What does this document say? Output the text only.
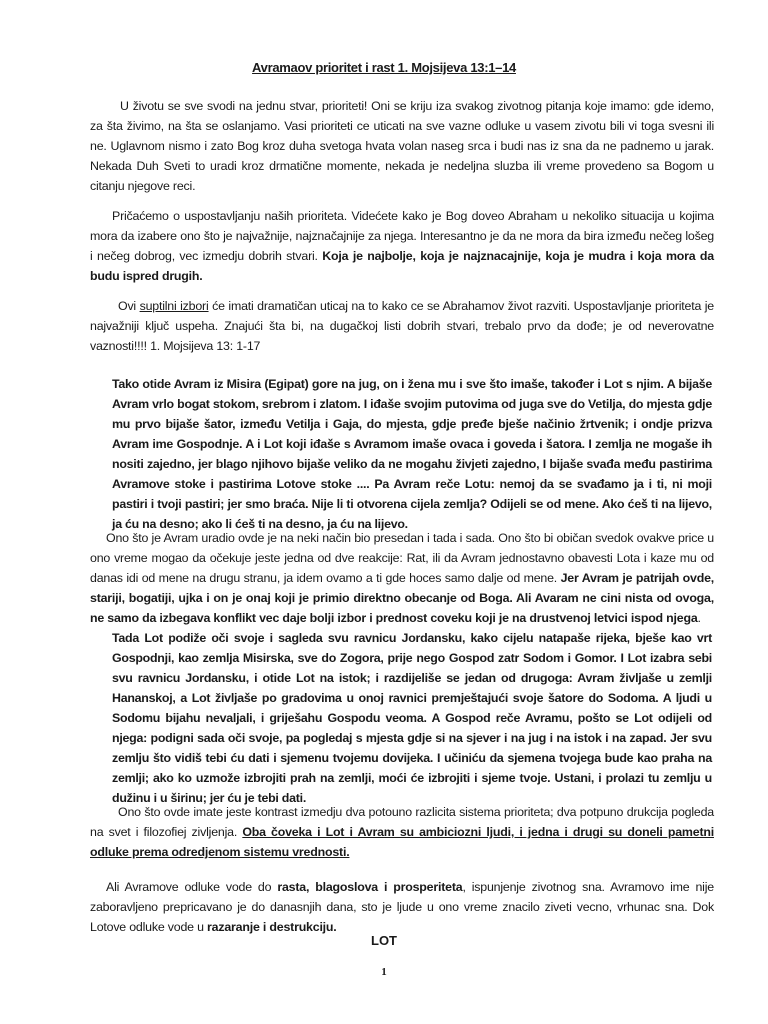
Avramaov prioritet i rast 1. Mojsijeva 13:1–14

U životu se sve svodi na jednu stvar, prioriteti! Oni se kriju iza svakog zivotnog pitanja koje imamo: gde idemo, za šta živimo, na šta se oslanjamo. Vasi prioriteti ce uticati na sve vazne odluke u vasem zivotu bili vi toga svesni ili ne. Uglavnom nismo i zato Bog kroz duha svetoga hvata volan naseg srca i budi nas iz sna da ne padnemo u jarak. Nekada Duh Sveti to uradi kroz drmatične momente, nekada je nedeljna sluzba ili vreme provedeno sa Bogom u citanju njegove reci.

Pričaćemo o uspostavljanju naših prioriteta. Videćete kako je Bog doveo Abraham u nekoliko situacija u kojima mora da izabere ono što je najvažnije, najznačajnije za njega. Interesantno je da ne mora da bira između nečeg lošeg i nečeg dobrog, vec izmedju dobrih stvari. Koja je najbolje, koja je najznacajnije, koja je mudra i koja mora da budu ispred drugih.

Ovi suptilni izbori će imati dramatičan uticaj na to kako ce se Abrahamov život razviti. Uspostavljanje prioriteta je najvažniji ključ uspeha. Znajući šta bi, na dugačkoj listi dobrih stvari, trebalo prvo da dođe; je od neverovatne vaznosti!!!! 1. Mojsijeva 13: 1-17

Tako otide Avram iz Misira (Egipat) gore na jug, on i žena mu i sve što imaše, također i Lot s njim. A bijaše Avram vrlo bogat stokom, srebrom i zlatom. I iđaše svojim putovima od juga sve do Vetilja, do mjesta gdje mu prvo bijaše šator, između Vetilja i Gaja, do mjesta, gdje pređe bješe načinio žrtvenik; i ondje prizva Avram ime Gospodnje. A i Lot koji iđaše s Avramom imaše ovaca i goveda i šatora. I zemlja ne mogaše ih nositi zajedno, jer blago njihovo bijaše veliko da ne mogahu živjeti zajedno, I bijaše svađa među pastirima Avramove stoke i pastirima Lotove stoke .... Pa Avram reče Lotu: nemoj da se svađamo ja i ti, ni moji pastiri i tvoji pastiri; jer smo braća. Nije li ti otvorena cijela zemlja? Odijeli se od mene. Ako ćeš ti na lijevo, ja ću na desno; ako li ćeš ti na desno, ja ću na lijevo.

Ono što je Avram uradio ovde je na neki način bio presedan i tada i sada. Ono što bi običan svedok ovakve price u ono vreme mogao da očekuje jeste jedna od dve reakcije: Rat, ili da Avram jednostavno obavesti Lota i kaze mu od danas idi od mene na drugu stranu, ja idem ovamo a ti gde hoces samo dalje od mene. Jer Avram je patrijah ovde, stariji, bogatiji, ujka i on je onaj koji je primio direktno obecanje od Boga. Ali Avaram ne cini nista od ovoga, ne samo da izbegava konflikt vec daje bolji izbor i prednost coveku koji je na drustvenoj letvici ispod njega.

Tada Lot podiže oči svoje i sagleda svu ravnicu Jordansku, kako cijelu natapaše rijeka, bješe kao vrt Gospodnji, kao zemlja Misirska, sve do Zogora, prije nego Gospod zatr Sodom i Gomor. I Lot izabra sebi svu ravnicu Jordansku, i otide Lot na istok; i razdijeliše se jedan od drugoga: Avram življaše u zemlji Hananskoj, a Lot življaše po gradovima u onoj ravnici premještajući svoje šatore do Sodoma. A ljudi u Sodomu bijahu nevaljali, i griješahu Gospodu veoma. A Gospod reče Avramu, pošto se Lot odijeli od njega: podigni sada oči svoje, pa pogledaj s mjesta gdje si na sjever i na jug i na istok i na zapad. Jer svu zemlju što vidiš tebi ću dati i sjemenu tvojemu dovijeka. I učiniću da sjemena tvojega bude kao praha na zemlji; ako ko uzmože izbrojiti prah na zemlji, moći će izbrojiti i sjeme tvoje. Ustani, i prolazi tu zemlju u dužinu i u širinu; jer ću je tebi dati.

Ono što ovde imate jeste kontrast izmedju dva potouno razlicita sistema prioriteta; dva potpuno drukcija pogleda na svet i filozofiej zivljenja. Oba čoveka i Lot i Avram su ambiciozni ljudi, i jedna i drugi su doneli pametni odluke prema odredjenom sistemu vrednosti.

Ali Avramove odluke vode do rasta, blagoslova i prosperiteta, ispunjenje zivotnog sna. Avramovo ime nije zaboravljeno prepricavano je do danasnjih dana, sto je ljude u ono vreme znacilo ziveti vecno, vrhunac sna. Dok Lotove odluke vode u razaranje i destrukciju.

LOT
1
